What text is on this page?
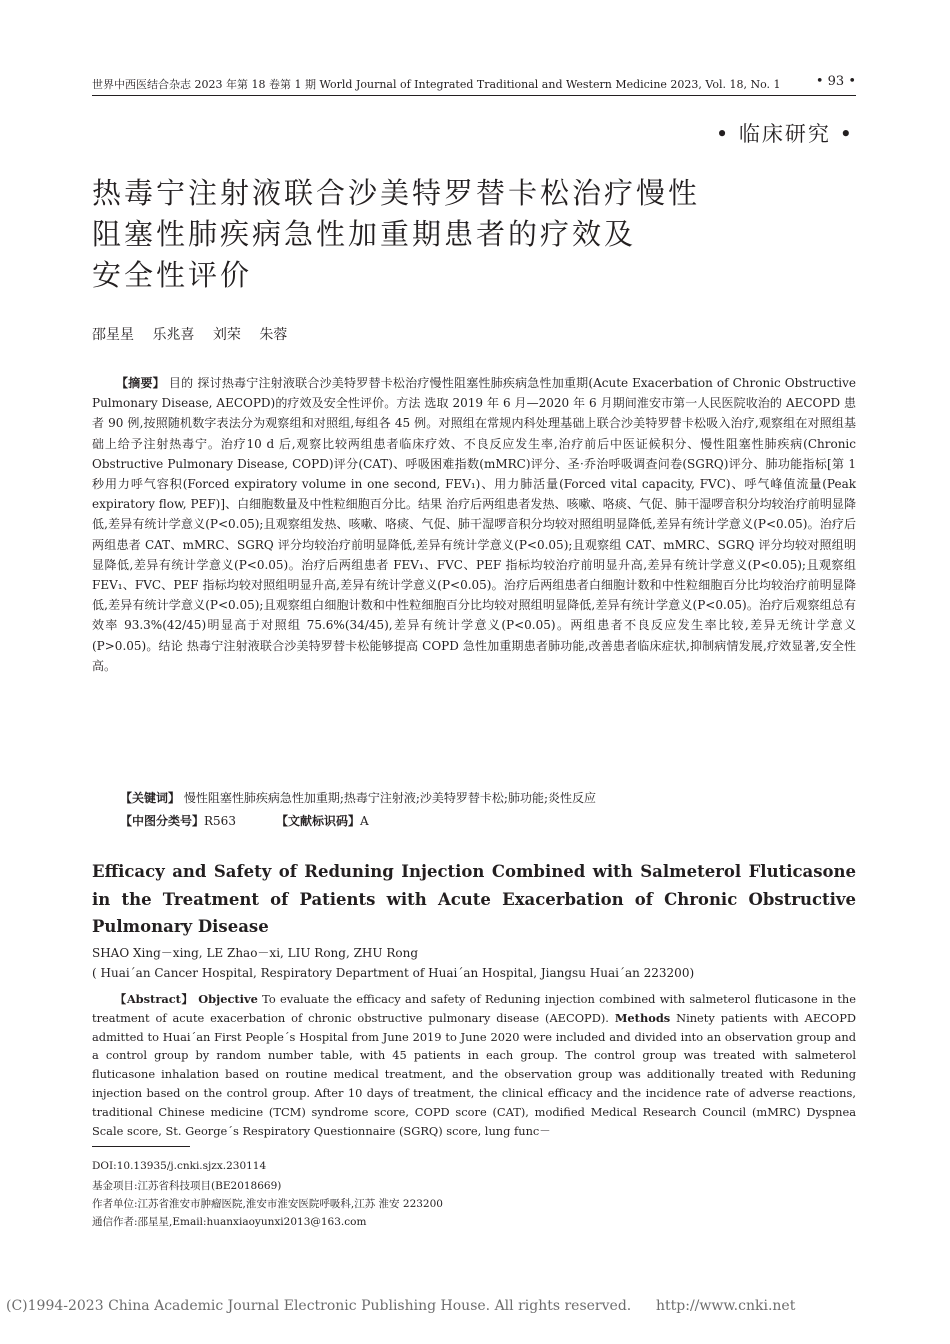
世界中西医结合杂志 2023 年第 18 卷第 1 期 World Journal of Integrated Traditional and Western Medicine 2023, Vol. 18, No. 1	• 93 •
• 临床研究 •
热毒宁注射液联合沙美特罗替卡松治疗慢性
阻塞性肺疾病急性加重期患者的疗效及
安全性评价
邵星星 乐兆喜 刘荣 朱蓉
【摘要】 目的 探讨热毒宁注射液联合沙美特罗替卡松治疗慢性阻塞性肺疾病急性加重期(Acute Exacerbation of Chronic Obstructive Pulmonary Disease, AECOPD)的疗效及安全性评价。方法 选取 2019 年 6 月—2020 年 6 月期间淮安市第一人民医院收治的 AECOPD 患者 90 例,按照随机数字表法分为观察组和对照组,每组各 45 例。对照组在常规内科处理基础上联合沙美特罗替卡松吸入治疗,观察组在对照组基础上给予注射热毒宁。治疗10 d 后,观察比较两组患者临床疗效、不良反应发生率,治疗前后中医证候积分、慢性阻塞性肺疾病(Chronic Obstructive Pulmonary Disease, COPD)评分(CAT)、呼吸困难指数(mMRC)评分、圣·乔治呼吸调查问卷(SGRQ)评分、肺功能指标[第 1 秒用力呼气容积(Forced expiratory volume in one second, FEV₁)、用力肺活量(Forced vital capacity, FVC)、呼气峰值流量(Peak expiratory flow, PEF)]、白细胞数量及中性粒细胞百分比。结果 治疗后两组患者发热、咳嗽、咯痰、气促、肺干湿啰音积分均较治疗前明显降低,差异有统计学意义(P<0.05);且观察组发热、咳嗽、咯痰、气促、肺干湿啰音积分均较对照组明显降低,差异有统计学意义(P<0.05)。治疗后两组患者 CAT、mMRC、SGRQ 评分均较治疗前明显降低,差异有统计学意义(P<0.05);且观察组 CAT、mMRC、SGRQ 评分均较对照组明显降低,差异有统计学意义(P<0.05)。治疗后两组患者 FEV₁、FVC、PEF 指标均较治疗前明显升高,差异有统计学意义(P<0.05);且观察组 FEV₁、FVC、PEF 指标均较对照组明显升高,差异有统计学意义(P<0.05)。治疗后两组患者白细胞计数和中性粒细胞百分比均较治疗前明显降低,差异有统计学意义(P<0.05);且观察组白细胞计数和中性粒细胞百分比均较对照组明显降低,差异有统计学意义(P<0.05)。治疗后观察组总有效率 93.3%(42/45)明显高于对照组 75.6%(34/45),差异有统计学意义(P<0.05)。两组患者不良反应发生率比较,差异无统计学意义(P>0.05)。结论 热毒宁注射液联合沙美特罗替卡松能够提高 COPD 急性加重期患者肺功能,改善患者临床症状,抑制病情发展,疗效显著,安全性高。
【关键词】 慢性阻塞性肺疾病急性加重期;热毒宁注射液;沙美特罗替卡松;肺功能;炎性反应
【中图分类号】R563	【文献标识码】A
Efficacy and Safety of Reduning Injection Combined with Salmeterol Fluticasone in the Treatment of Patients with Acute Exacerbation of Chronic Obstructive Pulmonary Disease
SHAO Xing－xing, LE Zhao－xi, LIU Rong, ZHU Rong
( Huai´an Cancer Hospital, Respiratory Department of Huai´an Hospital, Jiangsu Huai´an 223200)
【Abstract】 Objective To evaluate the efficacy and safety of Reduning injection combined with salmeterol fluticasone in the treatment of acute exacerbation of chronic obstructive pulmonary disease (AECOPD). Methods Ninety patients with AECOPD admitted to Huai´an First People´s Hospital from June 2019 to June 2020 were included and divided into an observation group and a control group by random number table, with 45 patients in each group. The control group was treated with salmeterol fluticasone inhalation based on routine medical treatment, and the observation group was additionally treated with Reduning injection based on the control group. After 10 days of treatment, the clinical efficacy and the incidence rate of adverse reactions, traditional Chinese medicine (TCM) syndrome score, COPD score (CAT), modified Medical Research Council (mMRC) Dyspnea Scale score, St. George´s Respiratory Questionnaire (SGRQ) score, lung func－
DOI:10.13935/j.cnki.sjzx.230114
基金项目:江苏省科技项目(BE2018669)
作者单位:江苏省淮安市肿瘤医院,淮安市淮安医院呼吸科,江苏 淮安 223200
通信作者:邵星星,Email:huanxiaoyunxi2013@163.com
(C)1994-2023 China Academic Journal Electronic Publishing House. All rights reserved. http://www.cnki.net
